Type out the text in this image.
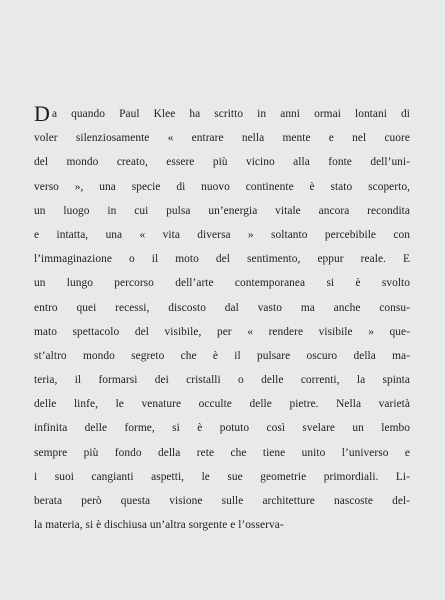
D a quando Paul Klee ha scritto in anni ormai lontani di
voler silenziosamente « entrare nella mente e nel cuore
del mondo creato, essere più vicino alla fonte dell’uni-
verso », una specie di nuovo continente è stato scoperto,
un luogo in cui pulsa un’energia vitale ancora recondita
e intatta, una « vita diversa » soltanto percebibile con
l’immaginazione o il moto del sentimento, eppur reale. E
un lungo percorso dell’arte contemporanea si è svolto
entro quei recessi, discosto dal vasto ma anche consu-
mato spettacolo del visibile, per « rendere visibile » que-
st’altro mondo segreto che è il pulsare oscuro della ma-
teria, il formarsi dei cristalli o delle correnti, la spinta
delle linfe, le venature occulte delle pietre. Nella varietà
infinita delle forme, si è potuto così svelare un lembo
sempre più fondo della rete che tiene unito l’universo e
i suoi cangianti aspetti, le sue geometrie primordiali. Li-
berata però questa visione sulle architetture nascoste del-
la materia, si è dischiusa un’altra sorgente e l’osserva-
